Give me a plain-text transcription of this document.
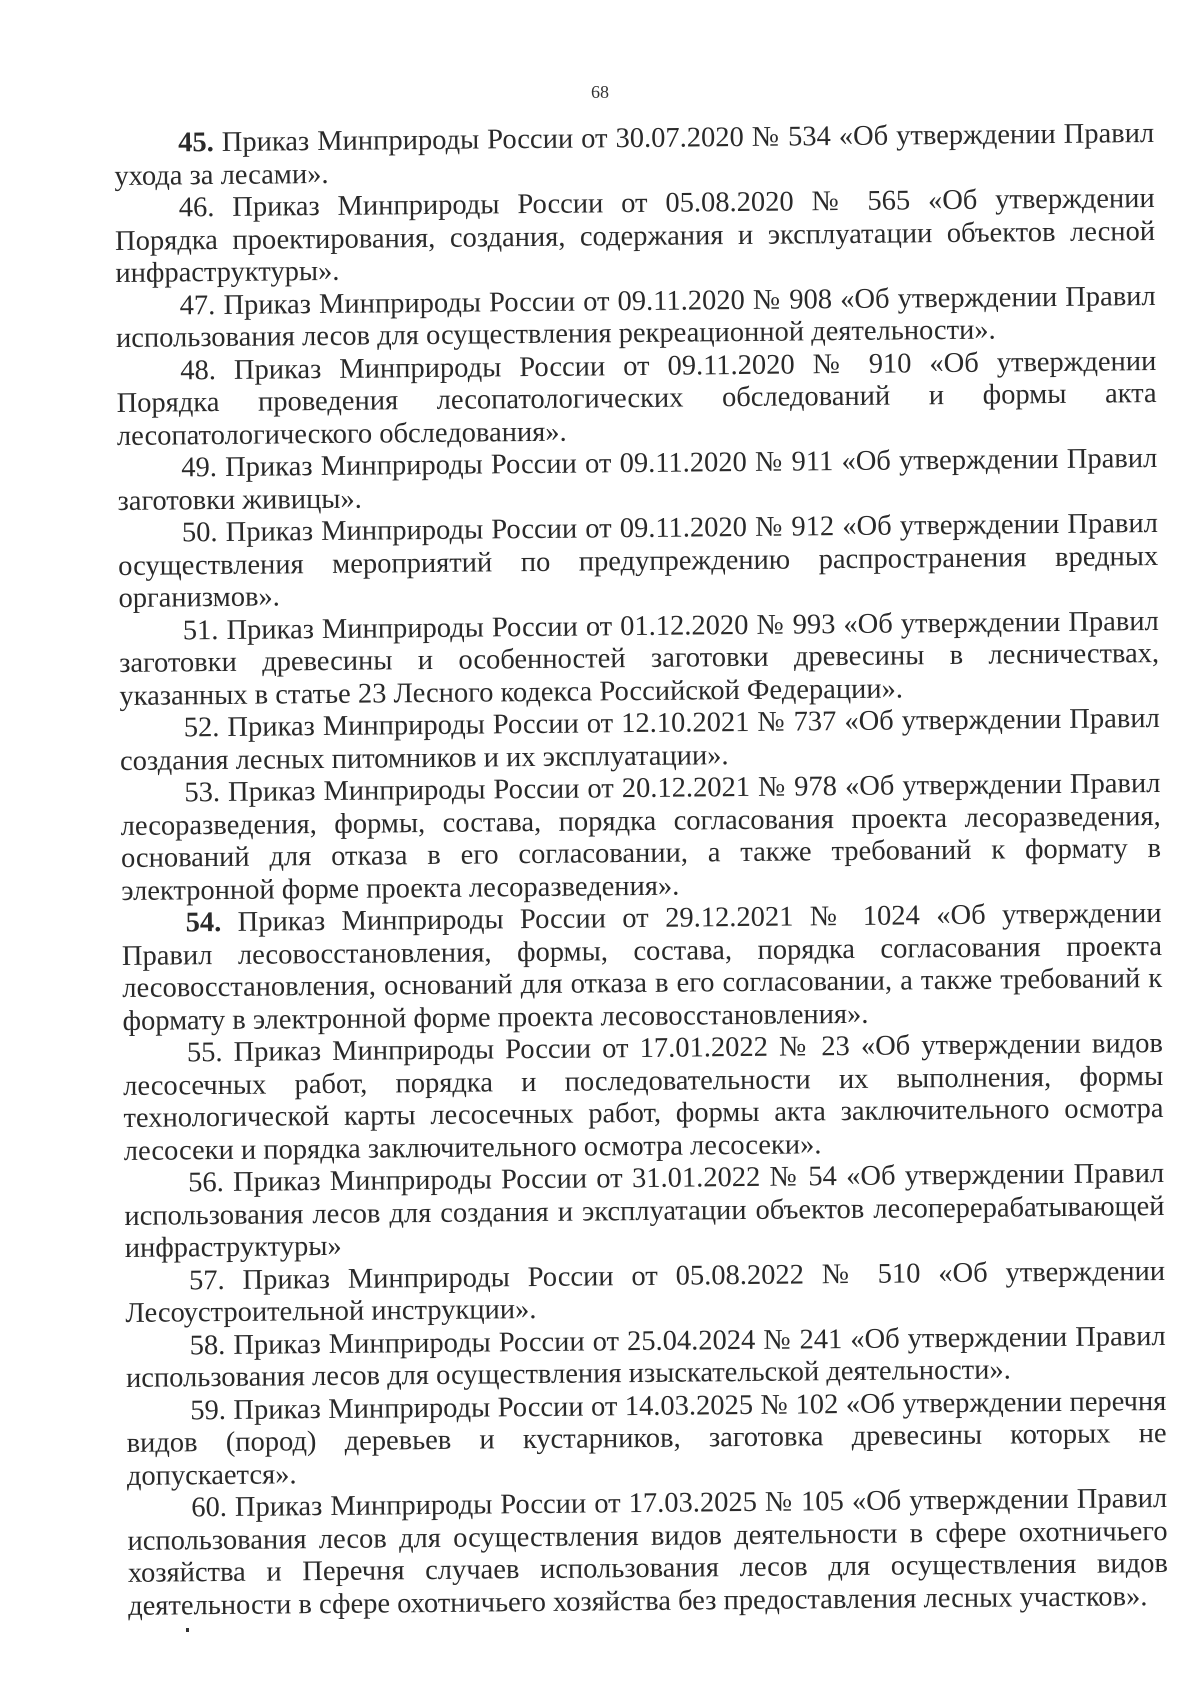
68

45. Приказ Минприроды России от 30.07.2020 № 534 «Об утверждении Правил ухода за лесами».

46. Приказ Минприроды России от 05.08.2020 № 565 «Об утверждении Порядка проектирования, создания, содержания и эксплуатации объектов лесной инфраструктуры».

47. Приказ Минприроды России от 09.11.2020 № 908 «Об утверждении Правил использования лесов для осуществления рекреационной деятельности».

48. Приказ Минприроды России от 09.11.2020 № 910 «Об утверждении Порядка проведения лесопатологических обследований и формы акта лесопатологического обследования».

49. Приказ Минприроды России от 09.11.2020 № 911 «Об утверждении Правил заготовки живицы».

50. Приказ Минприроды России от 09.11.2020 № 912 «Об утверждении Правил осуществления мероприятий по предупреждению распространения вредных организмов».

51. Приказ Минприроды России от 01.12.2020 № 993 «Об утверждении Правил заготовки древесины и особенностей заготовки древесины в лесничествах, указанных в статье 23 Лесного кодекса Российской Федерации».

52. Приказ Минприроды России от 12.10.2021 № 737 «Об утверждении Правил создания лесных питомников и их эксплуатации».

53. Приказ Минприроды России от 20.12.2021 № 978 «Об утверждении Правил лесоразведения, формы, состава, порядка согласования проекта лесоразведения, оснований для отказа в его согласовании, а также требований к формату в электронной форме проекта лесоразведения».

54. Приказ Минприроды России от 29.12.2021 № 1024 «Об утверждении Правил лесовосстановления, формы, состава, порядка согласования проекта лесовосстановления, оснований для отказа в его согласовании, а также требований к формату в электронной форме проекта лесовосстановления».

55. Приказ Минприроды России от 17.01.2022 № 23 «Об утверждении видов лесосечных работ, порядка и последовательности их выполнения, формы технологической карты лесосечных работ, формы акта заключительного осмотра лесосеки и порядка заключительного осмотра лесосеки».

56. Приказ Минприроды России от 31.01.2022 № 54 «Об утверждении Правил использования лесов для создания и эксплуатации объектов лесоперерабатывающей инфраструктуры»

57. Приказ Минприроды России от 05.08.2022 № 510 «Об утверждении Лесоустроительной инструкции».

58. Приказ Минприроды России от 25.04.2024 № 241 «Об утверждении Правил использования лесов для осуществления изыскательской деятельности».

59. Приказ Минприроды России от 14.03.2025 № 102 «Об утверждении перечня видов (пород) деревьев и кустарников, заготовка древесины которых не допускается».

60. Приказ Минприроды России от 17.03.2025 № 105 «Об утверждении Правил использования лесов для осуществления видов деятельности в сфере охотничьего хозяйства и Перечня случаев использования лесов для осуществления видов деятельности в сфере охотничьего хозяйства без предоставления лесных участков».
